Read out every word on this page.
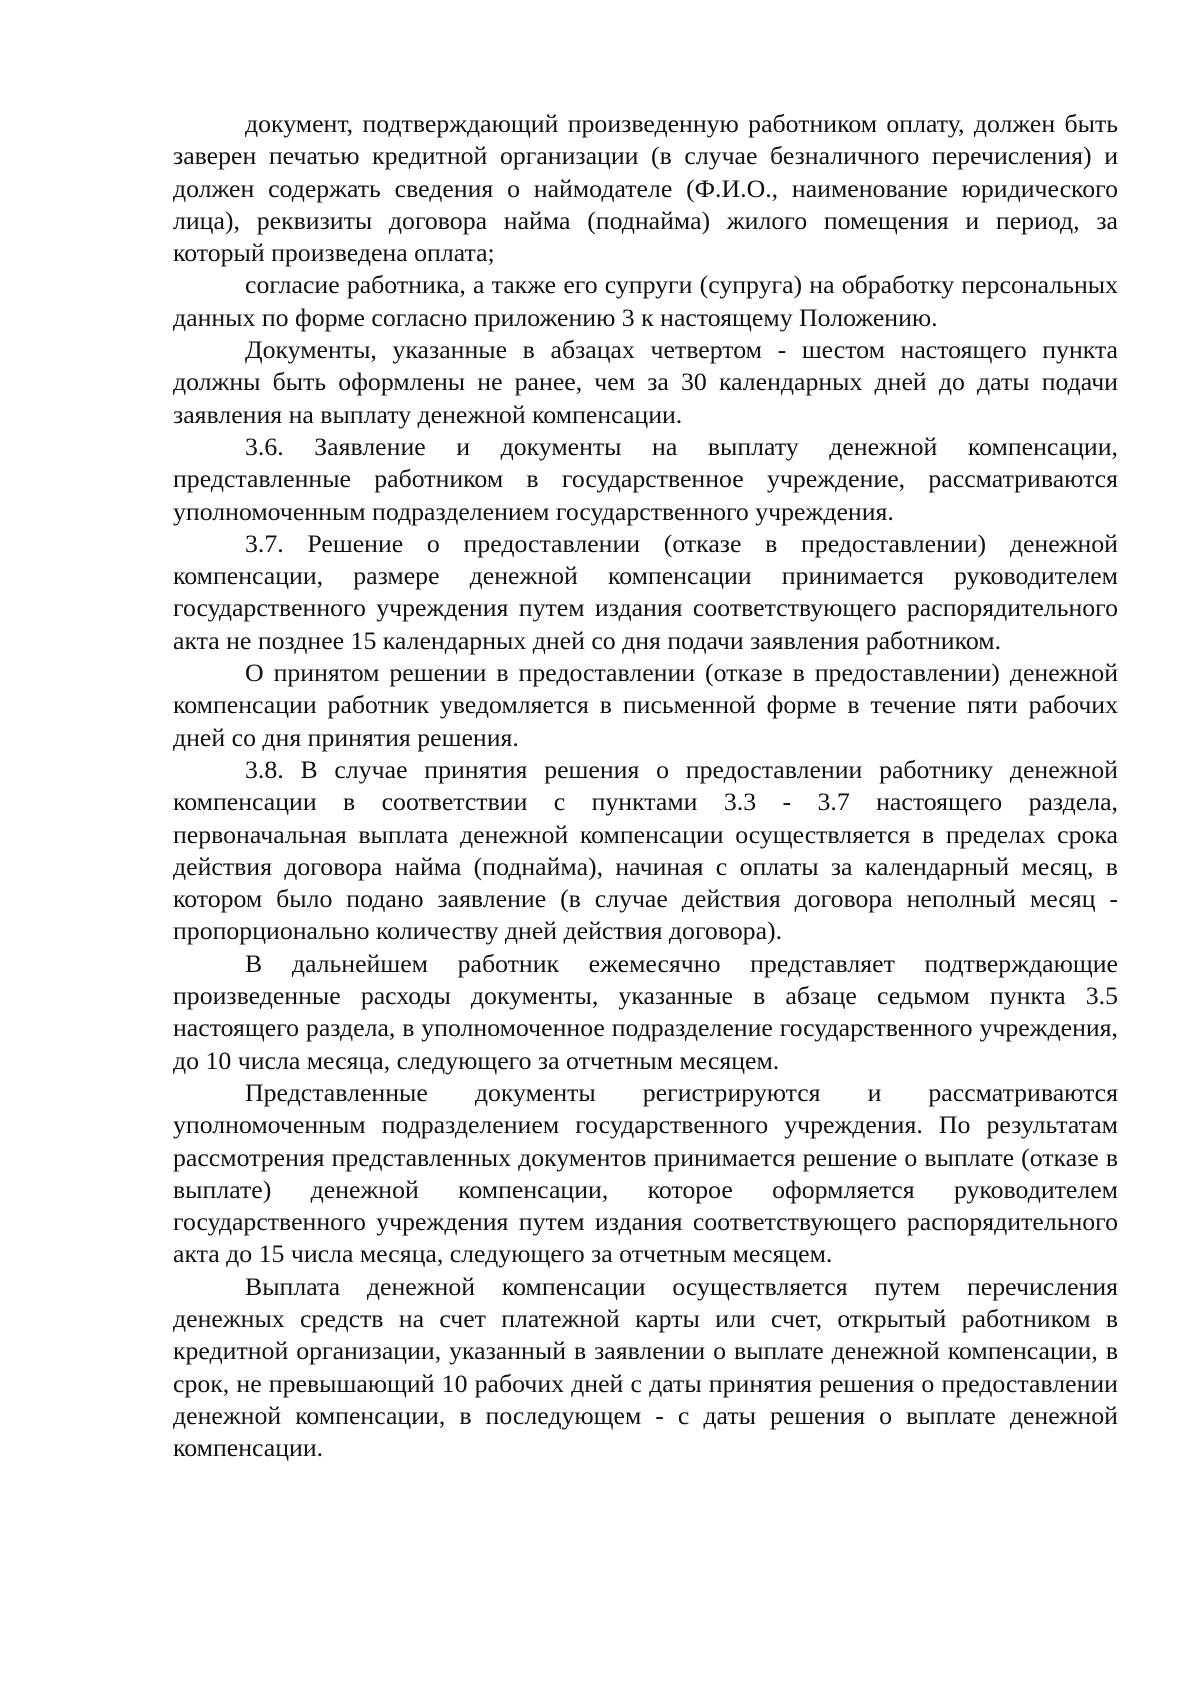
документ, подтверждающий произведенную работником оплату, должен быть заверен печатью кредитной организации (в случае безналичного перечисления) и должен содержать сведения о наймодателе (Ф.И.О., наименование юридического лица), реквизиты договора найма (поднайма) жилого помещения и период, за который произведена оплата;

согласие работника, а также его супруги (супруга) на обработку персональных данных по форме согласно приложению 3 к настоящему Положению.

Документы, указанные в абзацах четвертом - шестом настоящего пункта должны быть оформлены не ранее, чем за 30 календарных дней до даты подачи заявления на выплату денежной компенсации.

3.6. Заявление и документы на выплату денежной компенсации, представленные работником в государственное учреждение, рассматриваются уполномоченным подразделением государственного учреждения.

3.7. Решение о предоставлении (отказе в предоставлении) денежной компенсации, размере денежной компенсации принимается руководителем государственного учреждения путем издания соответствующего распорядительного акта не позднее 15 календарных дней со дня подачи заявления работником.

О принятом решении в предоставлении (отказе в предоставлении) денежной компенсации работник уведомляется в письменной форме в течение пяти рабочих дней со дня принятия решения.

3.8. В случае принятия решения о предоставлении работнику денежной компенсации в соответствии с пунктами 3.3 - 3.7 настоящего раздела, первоначальная выплата денежной компенсации осуществляется в пределах срока действия договора найма (поднайма), начиная с оплаты за календарный месяц, в котором было подано заявление (в случае действия договора неполный месяц - пропорционально количеству дней действия договора).

В дальнейшем работник ежемесячно представляет подтверждающие произведенные расходы документы, указанные в абзаце седьмом пункта 3.5 настоящего раздела, в уполномоченное подразделение государственного учреждения, до 10 числа месяца, следующего за отчетным месяцем.

Представленные документы регистрируются и рассматриваются уполномоченным подразделением государственного учреждения. По результатам рассмотрения представленных документов принимается решение о выплате (отказе в выплате) денежной компенсации, которое оформляется руководителем государственного учреждения путем издания соответствующего распорядительного акта до 15 числа месяца, следующего за отчетным месяцем.

Выплата денежной компенсации осуществляется путем перечисления денежных средств на счет платежной карты или счет, открытый работником в кредитной организации, указанный в заявлении о выплате денежной компенсации, в срок, не превышающий 10 рабочих дней с даты принятия решения о предоставлении денежной компенсации, в последующем - с даты решения о выплате денежной компенсации.
